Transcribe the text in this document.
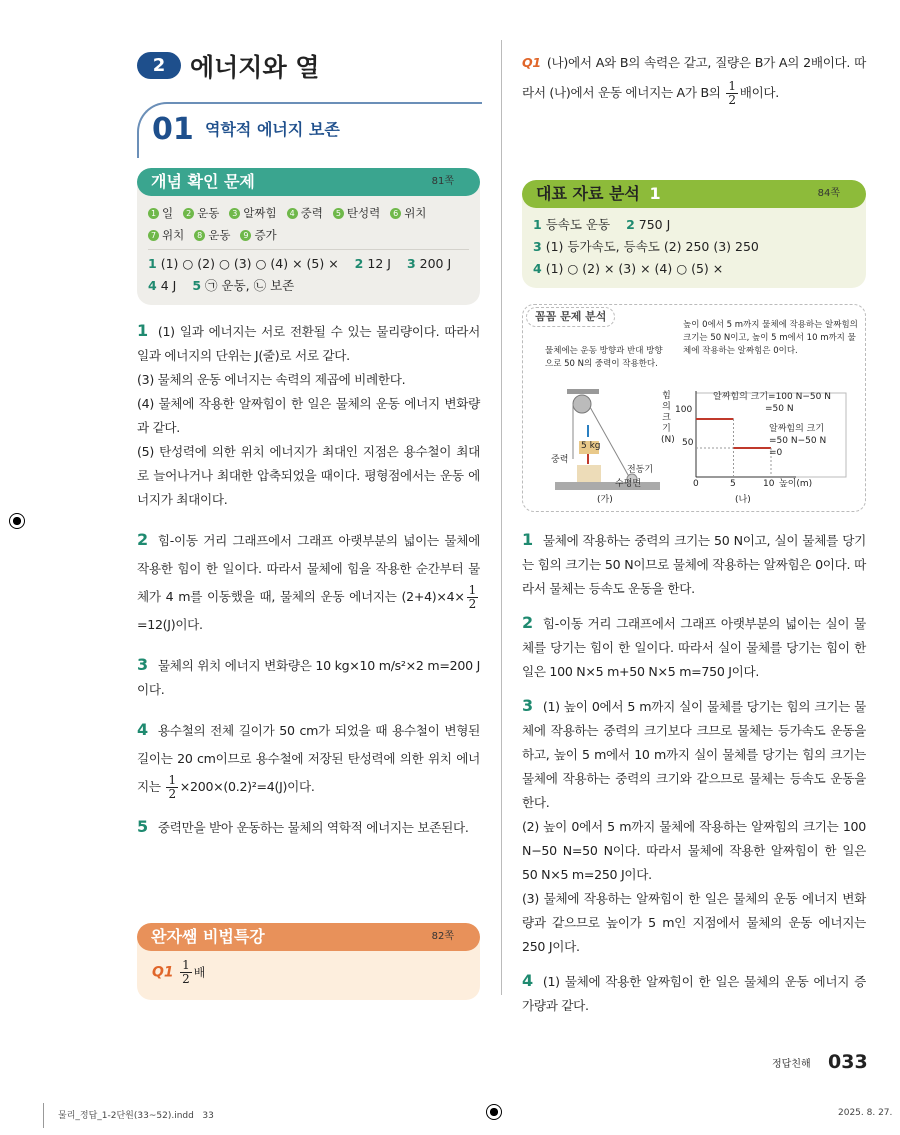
2 에너지와 열
01 역학적 에너지 보존
개념 확인 문제	81쪽
1 일 2 운동 3 알짜힘 4 중력 5 탄성력 6 위치7 위치 8 운동 9 증가
1 (1) ○ (2) ○ (3) ○ (4) × (5) × 2 12 J 3 200 J4 4 J 5 ㉠ 운동, ㉡ 보존
1 (1) 일과 에너지는 서로 전환될 수 있는 물리량이다. 따라서 일과 에너지의 단위는 J(줄)로 서로 같다.
(3) 물체의 운동 에너지는 속력의 제곱에 비례한다.
(4) 물체에 작용한 알짜힘이 한 일은 물체의 운동 에너지 변화량과 같다.
(5) 탄성력에 의한 위치 에너지가 최대인 지점은 용수철이 최대로 늘어나거나 최대한 압축되었을 때이다. 평형점에서는 운동 에너지가 최대이다.
2 힘-이동 거리 그래프에서 그래프 아랫부분의 넓이는 물체에 작용한 힘이 한 일이다. 따라서 물체에 힘을 작용한 순간부터 물체가 4 m를 이동했을 때, 물체의 운동 에너지는 $(2+4)\times 4\times \frac{1}{2}$
=12(J)이다.
3 물체의 위치 에너지 변화량은 10 kg×10 m/s²×2 m=200 J이다.
4 용수철의 전체 길이가 50 cm가 되었을 때 용수철이 변형된 길이는 20 cm이므로 용수철에 저장된 탄성력에 의한 위치 에너지는 $\frac{1}{2} \times 200\times(0.2)^2=4(J)$이다.
5 중력만을 받아 운동하는 물체의 역학적 에너지는 보존된다.
완자쌤 비법특강	82쪽
$Q1 \frac{1}{2}$ 배
Q1 (나)에서 A와 B의 속력은 같고, 질량은 B가 A의 2배이다. 따라서 (나)에서 운동 에너지는 A가 B의 $\frac{1}{2}$ 배이다.
대표 자료 분석 1	84쪽
1 등속도 운동 2 750 J3 (1) 등가속도, 등속도 (2) 250 (3) 2504 (1) ○ (2) × (3) × (4) ○ (5) ×
꼼꼼 문제 분석
물체에는 운동 방향과 반대 방향으로 50 N의 중력이 작용한다.
높이 0에서 5 m까지 물체에 작용하는 알짜힘의 크기는 50 N이고, 높이 5 m에서 10 m까지 물체에 작용하는 알짜힘은 0이다.
5 kg
중력
전동기
수평면
(가)
힘의 크기 (N)
100
50
0	5	10 높이(m)
(나)
알짜힘의 크기=100 N−50 N
=50 N
알짜힘의 크기
=50 N−50 N
=0
1 물체에 작용하는 중력의 크기는 50 N이고, 실이 물체를 당기는 힘의 크기는 50 N이므로 물체에 작용하는 알짜힘은 0이다. 따라서 물체는 등속도 운동을 한다.
2 힘-이동 거리 그래프에서 그래프 아랫부분의 넓이는 실이 물체를 당기는 힘이 한 일이다. 따라서 실이 물체를 당기는 힘이 한 일은 100 N×5 m+50 N×5 m=750 J이다.
3 (1) 높이 0에서 5 m까지 실이 물체를 당기는 힘의 크기는 물체에 작용하는 중력의 크기보다 크므로 물체는 등가속도 운동을 하고, 높이 5 m에서 10 m까지 실이 물체를 당기는 힘의 크기는 물체에 작용하는 중력의 크기와 같으므로 물체는 등속도 운동을 한다.
(2) 높이 0에서 5 m까지 물체에 작용하는 알짜힘의 크기는 100 N−50 N=50 N이다. 따라서 물체에 작용한 알짜힘이 한 일은 50 N×5 m=250 J이다.
(3) 물체에 작용하는 알짜힘이 한 일은 물체의 운동 에너지 변화량과 같으므로 높이가 5 m인 지점에서 물체의 운동 에너지는 250 J이다.
4 (1) 물체에 작용한 알짜힘이 한 일은 물체의 운동 에너지 증가량과 같다.
정답친해 033
물리_정답_1-2단원(33~52).indd   33	2025. 8. 27.
